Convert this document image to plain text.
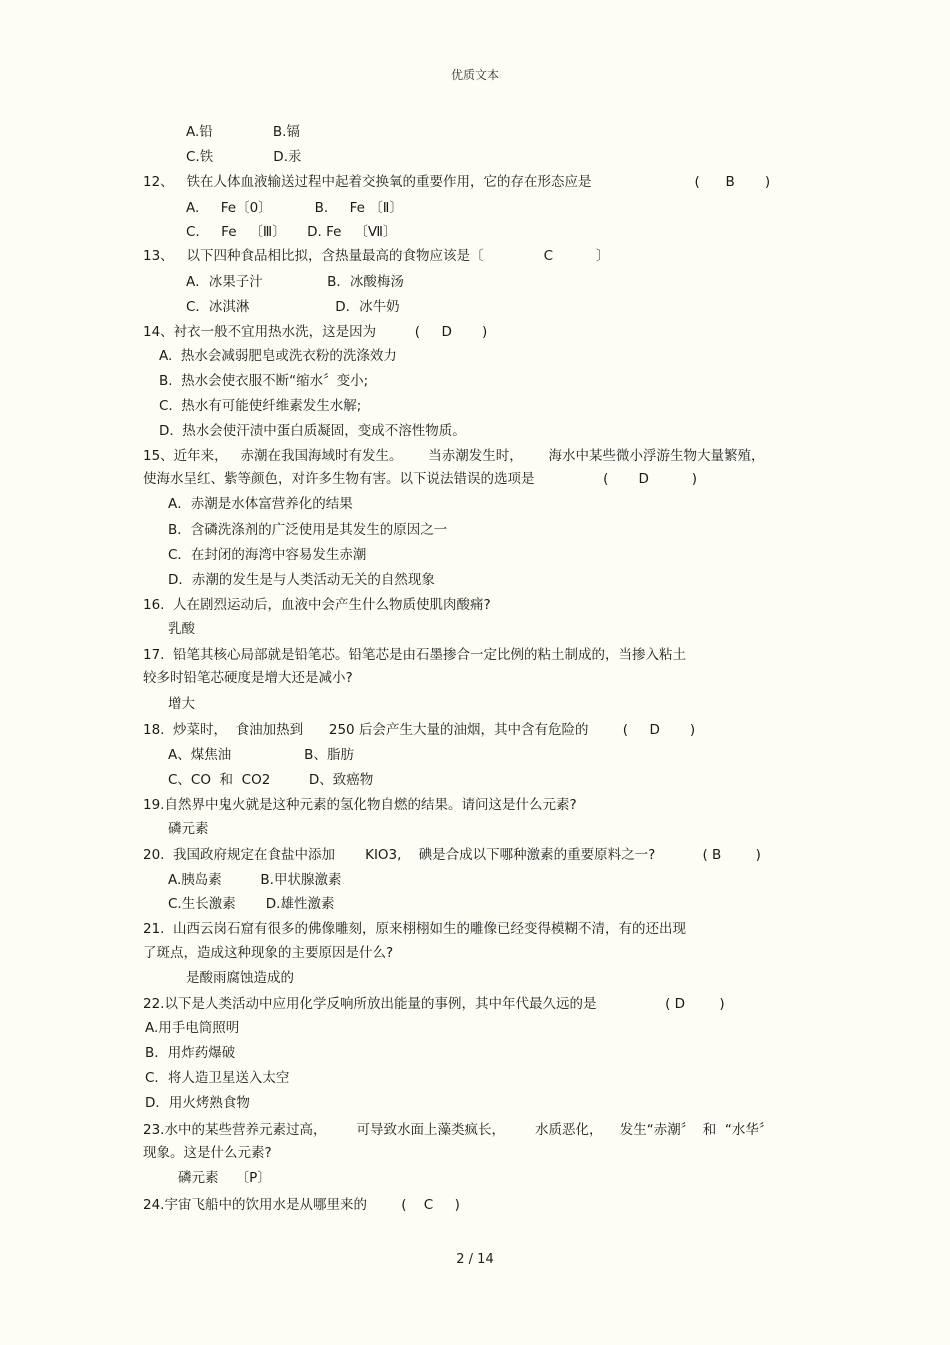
优质文本
A.铅              B.镉
C.铁              D.汞
12、   铁在人体血液输送过程中起着交换氧的重要作用，它的存在形态应是                        (      B       )
A.     Fe〔0〕          B.     Fe 〔Ⅱ〕
C.     Fe   〔Ⅲ〕     D. Fe   〔Ⅶ〕
13、   以下四种食品相比拟，含热量最高的食物应该是〔              C          〕
A．冰果子汁               B．冰酸梅汤
C．冰淇淋                    D．冰牛奶
14、衬衣一般不宜用热水洗，这是因为         (     D       )
A.  热水会减弱肥皂或洗衣粉的洗涤效力
B.  热水会使衣服不断“缩水〞变小;
C.  热水有可能使纤维素发生水解;
D.  热水会使汗渍中蛋白质凝固，变成不溶性物质。
15、近年来，   赤潮在我国海域时有发生。      当赤潮发生时，      海水中某些微小浮游生物大量繁殖，
使海水呈红、紫等颜色，对许多生物有害。以下说法错误的选项是                (       D          )
A．赤潮是水体富营养化的结果
B．含磷洗涤剂的广泛使用是其发生的原因之一
C．在封闭的海湾中容易发生赤潮
D．赤潮的发生是与人类活动无关的自然现象
16.  人在剧烈运动后，血液中会产生什么物质使肌肉酸痛?
乳酸
17.  铅笔其核心局部就是铅笔芯。铅笔芯是由石墨掺合一定比例的粘土制成的，当掺入粘土
较多时铅笔芯硬度是增大还是减小?
增大
18.  炒菜时，  食油加热到      250 后会产生大量的油烟，其中含有危险的        (     D       )
A、煤焦油                 B、脂肪
C、CO  和  CO2         D、致癌物
19.自然界中鬼火就是这种元素的氢化物自燃的结果。请问这是什么元素?
磷元素
20.  我国政府规定在食盐中添加       KIO3,    碘是合成以下哪种激素的重要原料之一?           ( B        )
A.胰岛素         B.甲状腺激素
C.生长激素       D.雄性激素
21.  山西云岗石窟有很多的佛像雕刻，原来栩栩如生的雕像已经变得模糊不清，有的还出现
了斑点，造成这种现象的主要原因是什么?
是酸雨腐蚀造成的
22.以下是人类活动中应用化学反响所放出能量的事例，其中年代最久远的是                ( D        )
A.用手电筒照明
B．用炸药爆破
C．将人造卫星送入太空
D．用火烤熟食物
23.水中的某些营养元素过高，       可导致水面上藻类疯长，       水质恶化，    发生“赤潮〞  和  “水华〞
现象。这是什么元素?
磷元素    〔P〕
24.宇宙飞船中的饮用水是从哪里来的        (    C     )
2 / 14
